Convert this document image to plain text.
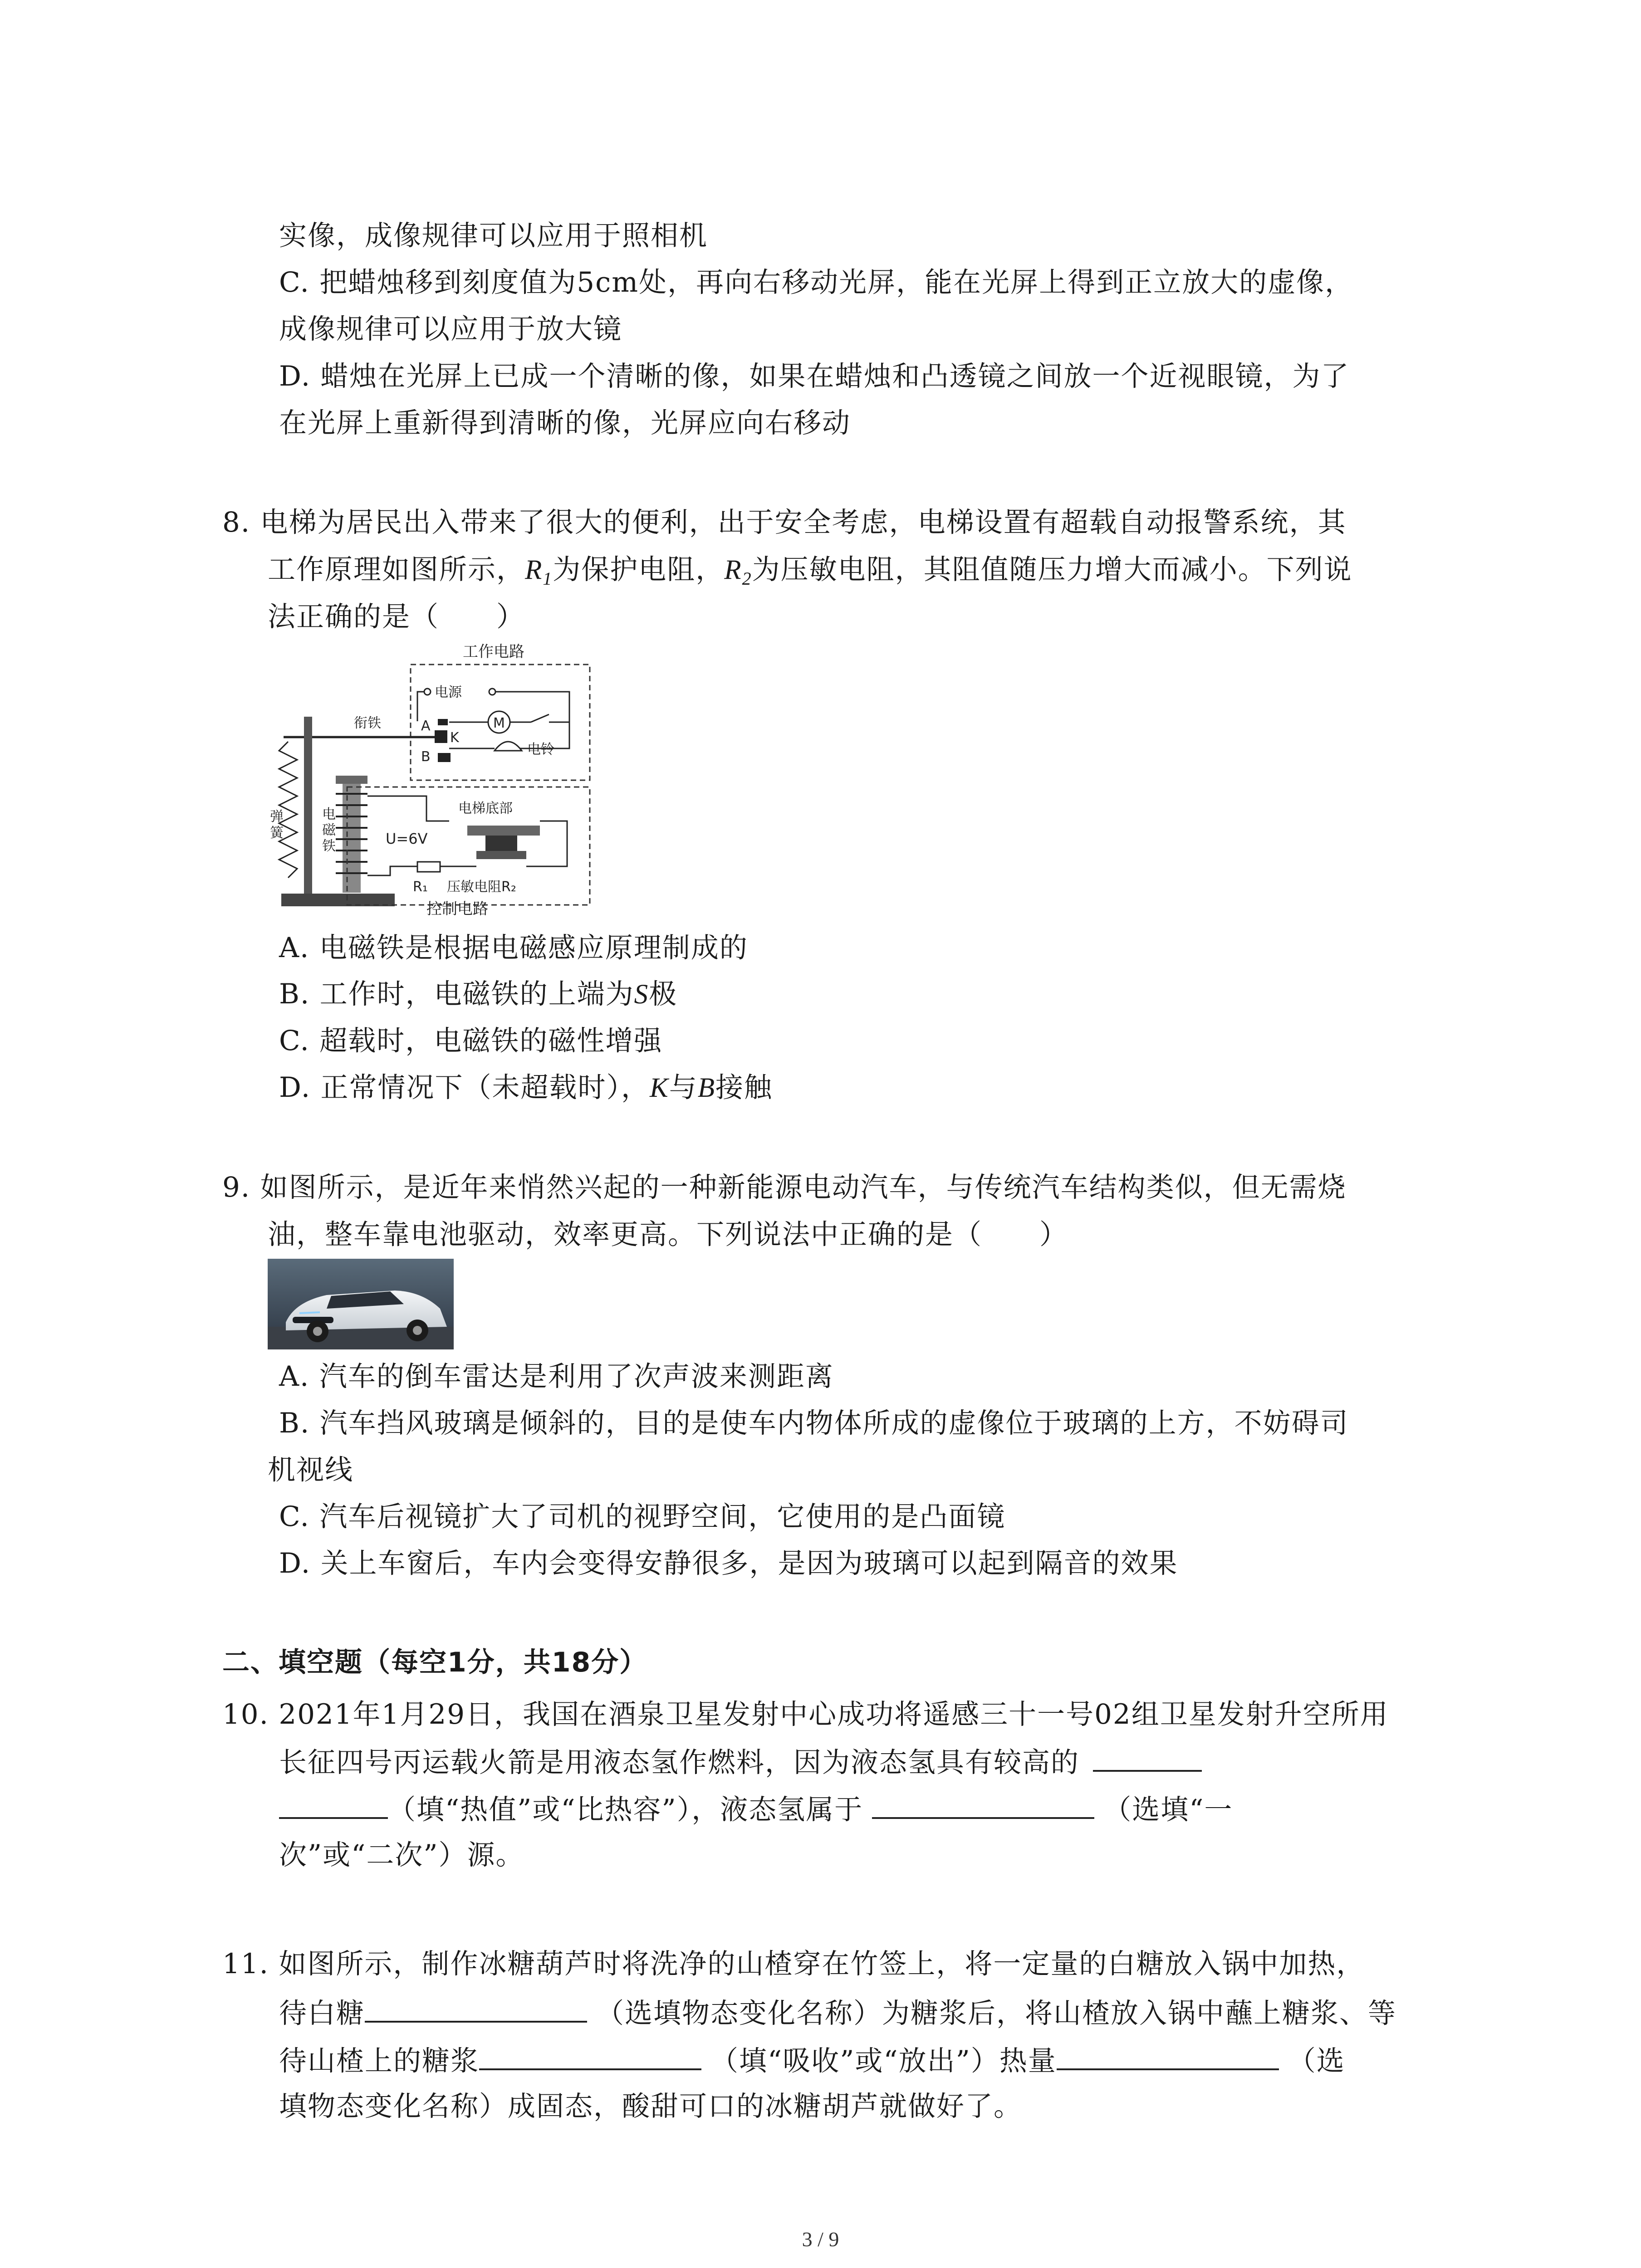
实像，成像规律可以应用于照相机
C. 把蜡烛移到刻度值为5cm处，再向右移动光屏，能在光屏上得到正立放大的虚像，
成像规律可以应用于放大镜
D. 蜡烛在光屏上已成一个清晰的像，如果在蜡烛和凸透镜之间放一个近视眼镜，为了
在光屏上重新得到清晰的像，光屏应向右移动
8. 电梯为居民出入带来了很大的便利，出于安全考虑，电梯设置有超载自动报警系统，其
工作原理如图所示，$R_1$为保护电阻，$R_2$为压敏电阻，其阻值随压力增大而减小。下列说
法正确的是（　　）
工作电路
电源
M
电铃
A
K
B
衔铁
弹
簧
电
磁
铁	U=6V
电梯底部
R₁ 压敏电阻R₂
控制电路
A. 电磁铁是根据电磁感应原理制成的
B. 工作时，电磁铁的上端为S极
C. 超载时，电磁铁的磁性增强
D. 正常情况下（未超载时），K与B接触
9. 如图所示，是近年来悄然兴起的一种新能源电动汽车，与传统汽车结构类似，但无需烧
油，整车靠电池驱动，效率更高。下列说法中正确的是（　　）
A. 汽车的倒车雷达是利用了次声波来测距离
B. 汽车挡风玻璃是倾斜的，目的是使车内物体所成的虚像位于玻璃的上方，不妨碍司
机视线
C. 汽车后视镜扩大了司机的视野空间，它使用的是凸面镜
D. 关上车窗后，车内会变得安静很多，是因为玻璃可以起到隔音的效果
二、填空题（每空1分，共18分）
10. 2021年1月29日，我国在酒泉卫星发射中心成功将遥感三十一号02组卫星发射升空所用
长征四号丙运载火箭是用液态氢作燃料，因为液态氢具有较高的
（填“热值”或“比热容”），液态氢属于	（选填“一
次”或“二次”）源。
11. 如图所示，制作冰糖葫芦时将洗净的山楂穿在竹签上，将一定量的白糖放入锅中加热，
待白糖	（选填物态变化名称）为糖浆后，将山楂放入锅中蘸上糖浆、等
待山楂上的糖浆	（填“吸收”或“放出”）热量	（选
填物态变化名称）成固态，酸甜可口的冰糖胡芦就做好了。
3 / 9
